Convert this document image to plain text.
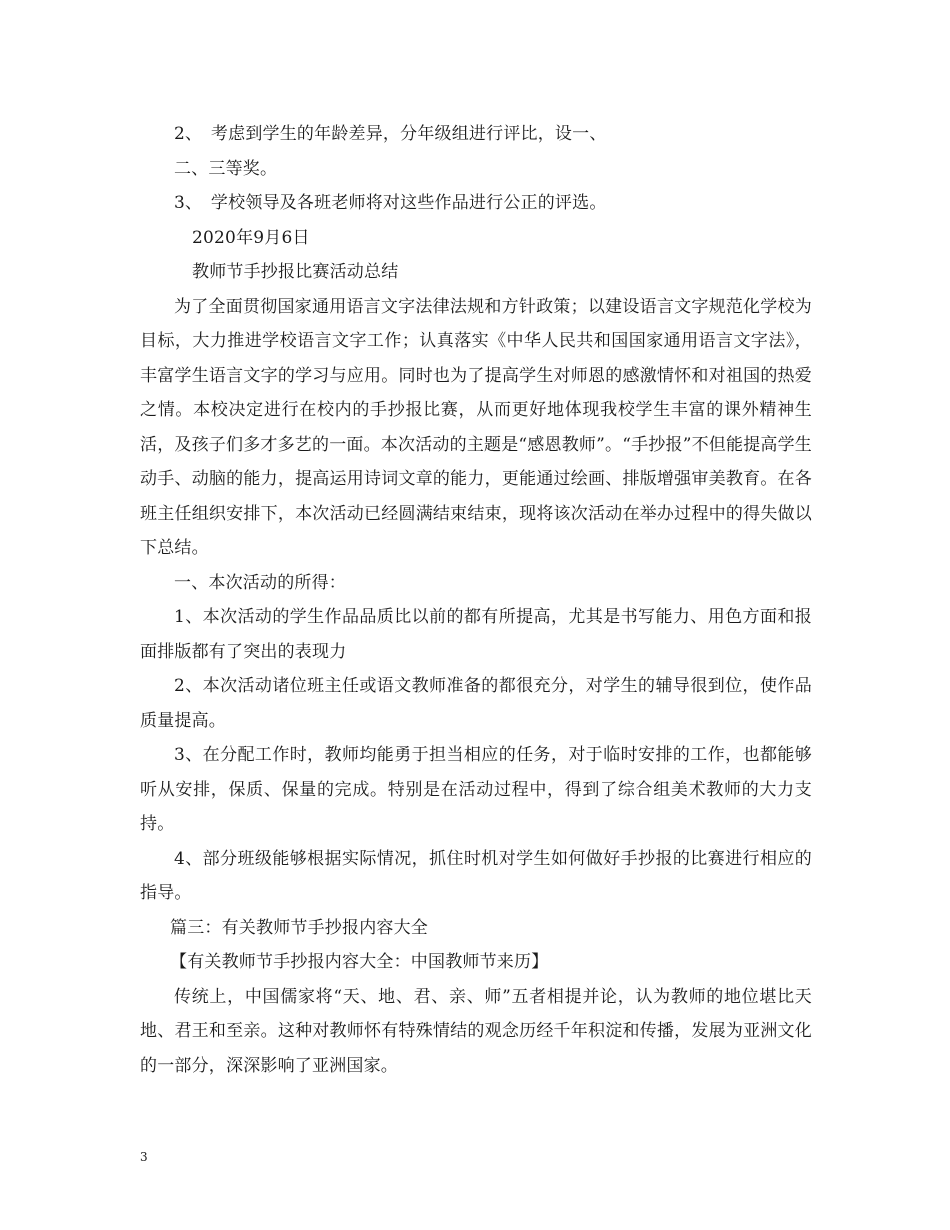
2、　考虑到学生的年龄差异，分年级组进行评比，设一、
二、三等奖。
3、　学校领导及各班老师将对这些作品进行公正的评选。
2020年9月6日
教师节手抄报比赛活动总结
为了全面贯彻国家通用语言文字法律法规和方针政策；以建设语言文字规范化学校为目标，大力推进学校语言文字工作；认真落实《中华人民共和国国家通用语言文字法》，丰富学生语言文字的学习与应用。同时也为了提高学生对师恩的感激情怀和对祖国的热爱之情。本校决定进行在校内的手抄报比赛，从而更好地体现我校学生丰富的课外精神生活，及孩子们多才多艺的一面。本次活动的主题是“感恩教师”。“手抄报”不但能提高学生动手、动脑的能力，提高运用诗词文章的能力，更能通过绘画、排版增强审美教育。在各班主任组织安排下，本次活动已经圆满结束结束，现将该次活动在举办过程中的得失做以下总结。
一、本次活动的所得：
1、本次活动的学生作品品质比以前的都有所提高，尤其是书写能力、用色方面和报面排版都有了突出的表现力
2、本次活动诸位班主任或语文教师准备的都很充分，对学生的辅导很到位，使作品质量提高。
3、在分配工作时，教师均能勇于担当相应的任务，对于临时安排的工作，也都能够听从安排，保质、保量的完成。特别是在活动过程中，得到了综合组美术教师的大力支持。
4、部分班级能够根据实际情况，抓住时机对学生如何做好手抄报的比赛进行相应的指导。
篇三：有关教师节手抄报内容大全
【有关教师节手抄报内容大全：中国教师节来历】
传统上，中国儒家将“天、地、君、亲、师”五者相提并论，认为教师的地位堪比天地、君王和至亲。这种对教师怀有特殊情结的观念历经千年积淀和传播，发展为亚洲文化的一部分，深深影响了亚洲国家。
3
